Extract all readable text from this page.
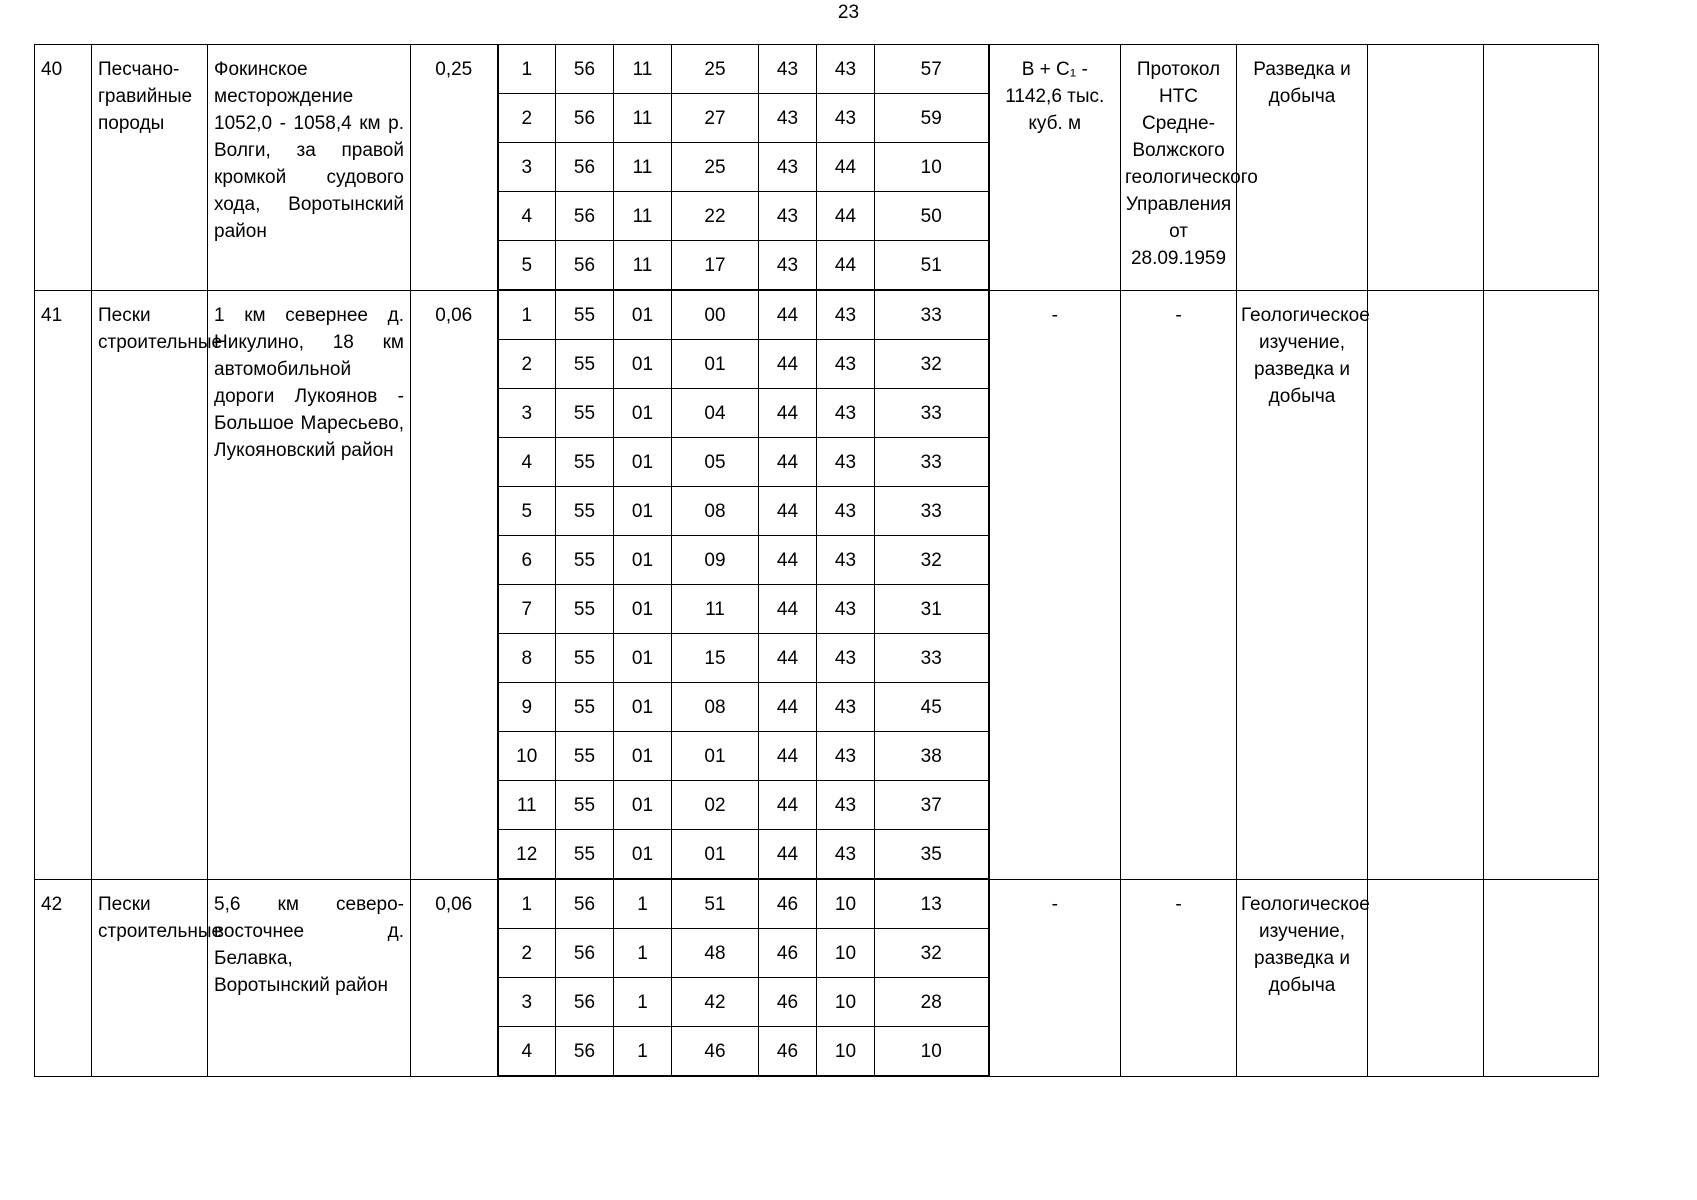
23
40	Песчано-гравийные породы	Фокинское месторождение 1052,0 - 1058,4 км р. Волги, за правой кромкой судового хода, Воротынский район	0,25	1	56	11	25	43	43	57	B + C₁ - 1142,6 тыс. куб. м	Протокол НТС Средне-Волжского геологического Управления от 28.09.1959	Разведка и добыча		
				2	56	11	27	43	43	59					
				3	56	11	25	43	44	10					
				4	56	11	22	43	44	50					
				5	56	11	17	43	44	51					
41	Пески строительные	1 км севернее д. Никулино, 18 км автомобильной дороги Лукоянов - Большое Маресьево, Лукояновский район	0,06	1	55	01	00	44	43	33	-	-	Геологическое изучение, разведка и добыча		
				2	55	01	01	44	43	32					
				3	55	01	04	44	43	33					
				4	55	01	05	44	43	33					
				5	55	01	08	44	43	33					
				6	55	01	09	44	43	32					
				7	55	01	11	44	43	31					
				8	55	01	15	44	43	33					
				9	55	01	08	44	43	45					
				10	55	01	01	44	43	38					
				11	55	01	02	44	43	37					
				12	55	01	01	44	43	35					
42	Пески строительные	5,6 км северо-восточнее д. Белавка, Воротынский район	0,06	1	56	1	51	46	10	13	-	-	Геологическое изучение, разведка и добыча		
				2	56	1	48	46	10	32					
				3	56	1	42	46	10	28					
				4	56	1	46	46	10	10					
